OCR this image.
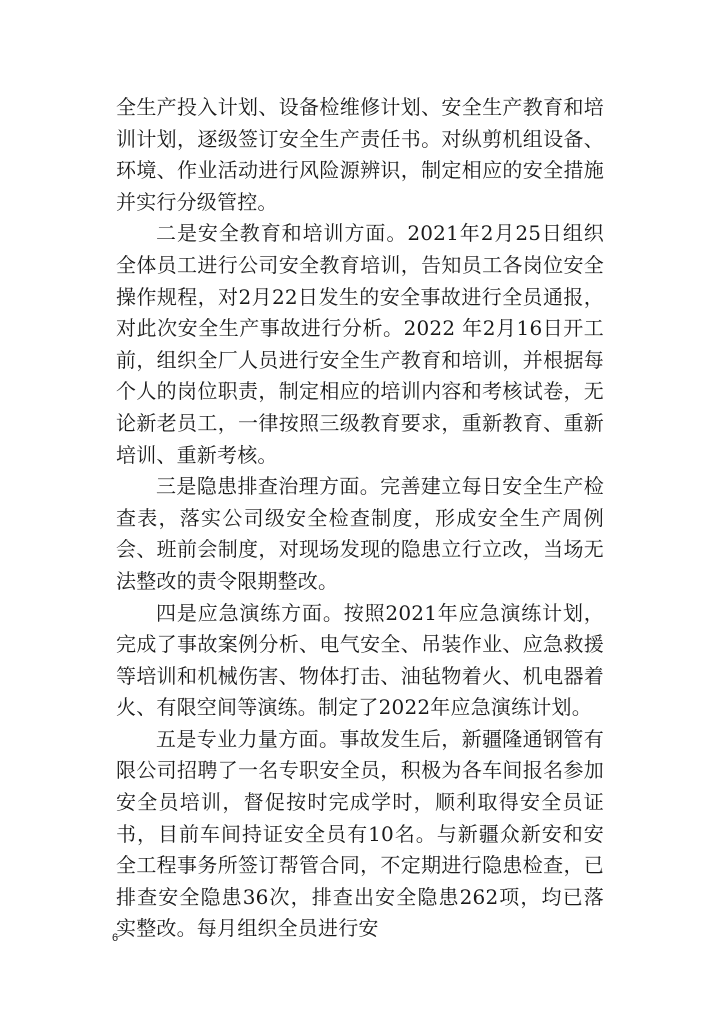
全生产投入计划、设备检维修计划、安全生产教育和培训计划，逐级签订安全生产责任书。对纵剪机组设备、环境、作业活动进行风险源辨识，制定相应的安全措施并实行分级管控。

二是安全教育和培训方面。2021年2月25日组织全体员工进行公司安全教育培训，告知员工各岗位安全操作规程，对2月22日发生的安全事故进行全员通报，对此次安全生产事故进行分析。2022 年2月16日开工前，组织全厂人员进行安全生产教育和培训，并根据每个人的岗位职责，制定相应的培训内容和考核试卷，无论新老员工，一律按照三级教育要求，重新教育、重新培训、重新考核。

三是隐患排查治理方面。完善建立每日安全生产检查表，落实公司级安全检查制度，形成安全生产周例会、班前会制度，对现场发现的隐患立行立改，当场无法整改的责令限期整改。

四是应急演练方面。按照2021年应急演练计划，完成了事故案例分析、电气安全、吊装作业、应急救援等培训和机械伤害、物体打击、油毡物着火、机电器着火、有限空间等演练。制定了2022年应急演练计划。

五是专业力量方面。事故发生后，新疆隆通钢管有限公司招聘了一名专职安全员，积极为各车间报名参加安全员培训，督促按时完成学时，顺利取得安全员证书，目前车间持证安全员有10名。与新疆众新安和安全工程事务所签订帮管合同，不定期进行隐患检查，已排查安全隐患36次，排查出安全隐患262项，均已落实整改。每月组织全员进行安

6
